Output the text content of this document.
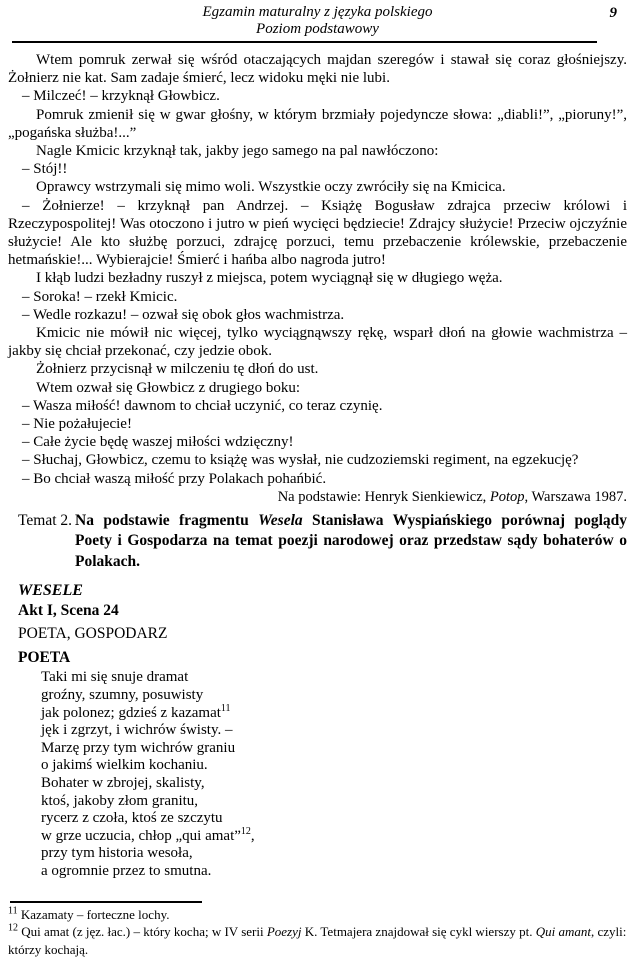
Egzamin maturalny z języka polskiego
Poziom podstawowy
9

Wtem pomruk zerwał się wśród otaczających majdan szeregów i stawał się coraz głośniejszy. Żołnierz nie kat. Sam zadaje śmierć, lecz widoku męki nie lubi.

– Milczeć! – krzyknął Głowbicz.

Pomruk zmienił się w gwar głośny, w którym brzmiały pojedyncze słowa: „diabli!”, „pioruny!”, „pogańska służba!...”

Nagle Kmicic krzyknął tak, jakby jego samego na pal nawłóczono:

– Stój!!

Oprawcy wstrzymali się mimo woli. Wszystkie oczy zwróciły się na Kmicica.

– Żołnierze! – krzyknął pan Andrzej. – Książę Bogusław zdrajca przeciw królowi i Rzeczypospolitej! Was otoczono i jutro w pień wycięci będziecie! Zdrajcy służycie! Przeciw ojczyźnie służycie! Ale kto służbę porzuci, zdrajcę porzuci, temu przebaczenie królewskie, przebaczenie hetmańskie!... Wybierajcie! Śmierć i hańba albo nagroda jutro!

I kłąb ludzi bezładny ruszył z miejsca, potem wyciągnął się w długiego węża.

– Soroka! – rzekł Kmicic.

– Wedle rozkazu! – ozwał się obok głos wachmistrza.

Kmicic nie mówił nic więcej, tylko wyciągnąwszy rękę, wsparł dłoń na głowie wachmistrza – jakby się chciał przekonać, czy jedzie obok.

Żołnierz przycisnął w milczeniu tę dłoń do ust.

Wtem ozwał się Głowbicz z drugiego boku:

– Wasza miłość! dawnom to chciał uczynić, co teraz czynię.

– Nie pożałujecie!

– Całe życie będę waszej miłości wdzięczny!

– Słuchaj, Głowbicz, czemu to książę was wysłał, nie cudzoziemski regiment, na egzekucję?

– Bo chciał waszą miłość przy Polakach pohańbić.

Na podstawie: Henryk Sienkiewicz, Potop, Warszawa 1987.
Temat 2. Na podstawie fragmentu Wesela Stanisława Wyspiańskiego porównaj poglądy Poety i Gospodarza na temat poezji narodowej oraz przedstaw sądy bohaterów o Polakach.

WESELE
Akt I, Scena 24
POETA, GOSPODARZ
POETA
Taki mi się snuje dramat
groźny, szumny, posuwisty
jak polonez; gdzieś z kazamat$^{11}$
jęk i zgrzyt, i wichrów świsty. –
Marzę przy tym wichrów graniu
o jakimś wielkim kochaniu.
Bohater w zbrojej, skalisty,
ktoś, jakoby złom granitu,
rycerz z czoła, ktoś ze szczytu
w grze uczucia, chłop „qui amat”$^{12}$,
przy tym historia wesoła,
a ogromnie przez to smutna.
$^{11}$ Kazamaty – forteczne lochy.
$^{12}$ Qui amat (z jęz. łac.) – który kocha; w IV serii Poezyj K. Tetmajera znajdował się cykl wierszy pt. Qui amant, czyli: którzy kochają.
